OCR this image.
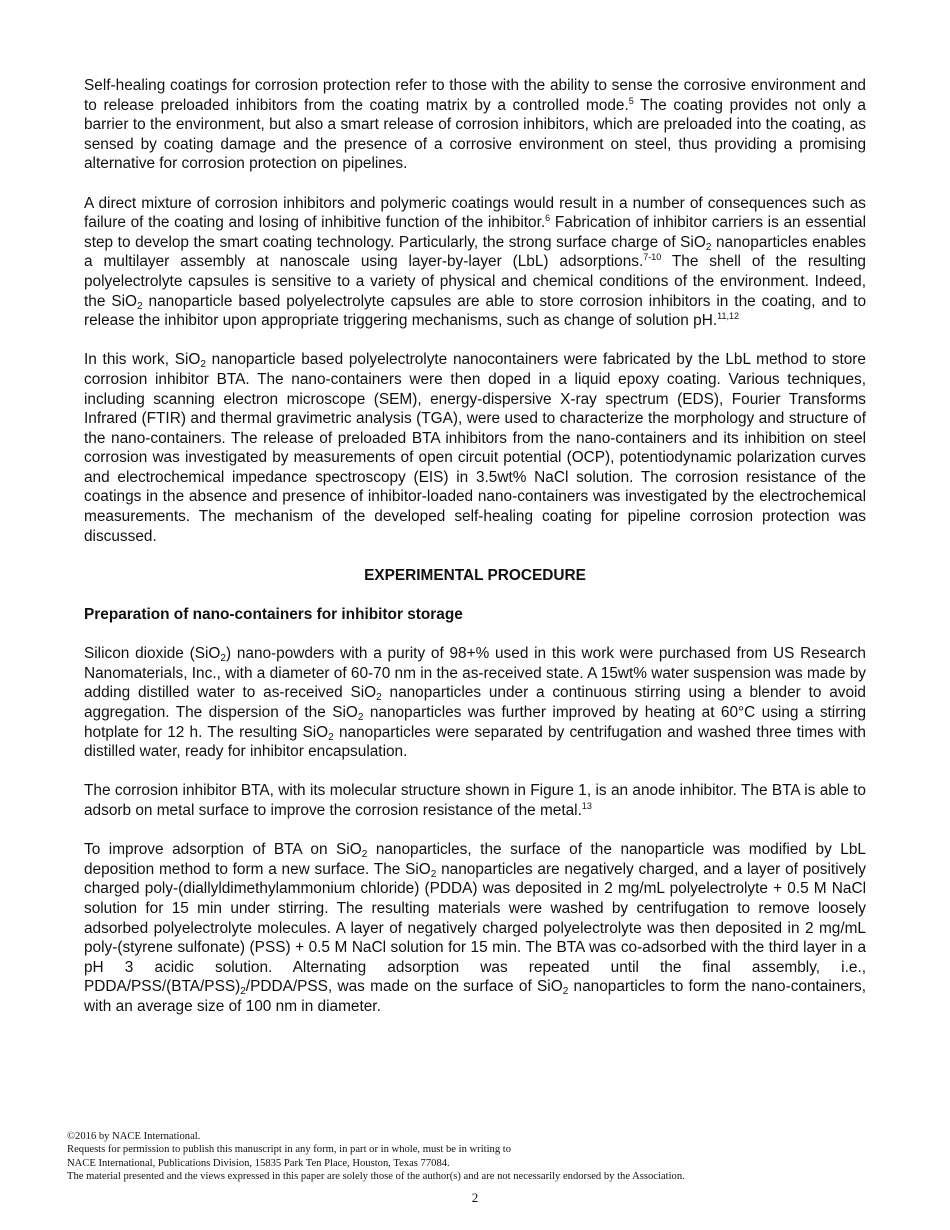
Self-healing coatings for corrosion protection refer to those with the ability to sense the corrosive environment and to release preloaded inhibitors from the coating matrix by a controlled mode.$^5$ The coating provides not only a barrier to the environment, but also a smart release of corrosion inhibitors, which are preloaded into the coating, as sensed by coating damage and the presence of a corrosive environment on steel, thus providing a promising alternative for corrosion protection on pipelines.

A direct mixture of corrosion inhibitors and polymeric coatings would result in a number of consequences such as failure of the coating and losing of inhibitive function of the inhibitor.$^6$ Fabrication of inhibitor carriers is an essential step to develop the smart coating technology. Particularly, the strong surface charge of SiO$_2$ nanoparticles enables a multilayer assembly at nanoscale using layer-by-layer (LbL) adsorptions.$^{7-10}$ The shell of the resulting polyelectrolyte capsules is sensitive to a variety of physical and chemical conditions of the environment. Indeed, the SiO$_2$ nanoparticle based polyelectrolyte capsules are able to store corrosion inhibitors in the coating, and to release the inhibitor upon appropriate triggering mechanisms, such as change of solution pH.$^{11,12}$

In this work, SiO$_2$ nanoparticle based polyelectrolyte nanocontainers were fabricated by the LbL method to store corrosion inhibitor BTA. The nano-containers were then doped in a liquid epoxy coating. Various techniques, including scanning electron microscope (SEM), energy-dispersive X-ray spectrum (EDS), Fourier Transforms Infrared (FTIR) and thermal gravimetric analysis (TGA), were used to characterize the morphology and structure of the nano-containers. The release of preloaded BTA inhibitors from the nano-containers and its inhibition on steel corrosion was investigated by measurements of open circuit potential (OCP), potentiodynamic polarization curves and electrochemical impedance spectroscopy (EIS) in 3.5wt% NaCl solution. The corrosion resistance of the coatings in the absence and presence of inhibitor-loaded nano-containers was investigated by the electrochemical measurements. The mechanism of the developed self-healing coating for pipeline corrosion protection was discussed.

EXPERIMENTAL PROCEDURE
Preparation of nano-containers for inhibitor storage

Silicon dioxide (SiO$_2$) nano-powders with a purity of 98+% used in this work were purchased from US Research Nanomaterials, Inc., with a diameter of 60-70 nm in the as-received state. A 15wt% water suspension was made by adding distilled water to as-received SiO$_2$ nanoparticles under a continuous stirring using a blender to avoid aggregation. The dispersion of the SiO$_2$ nanoparticles was further improved by heating at 60°C using a stirring hotplate for 12 h. The resulting SiO$_2$ nanoparticles were separated by centrifugation and washed three times with distilled water, ready for inhibitor encapsulation.

The corrosion inhibitor BTA, with its molecular structure shown in Figure 1, is an anode inhibitor. The BTA is able to adsorb on metal surface to improve the corrosion resistance of the metal.$^{13}$

To improve adsorption of BTA on SiO$_2$ nanoparticles, the surface of the nanoparticle was modified by LbL deposition method to form a new surface. The SiO$_2$ nanoparticles are negatively charged, and a layer of positively charged poly-(diallyldimethylammonium chloride) (PDDA) was deposited in 2 mg/mL polyelectrolyte + 0.5 M NaCl solution for 15 min under stirring. The resulting materials were washed by centrifugation to remove loosely adsorbed polyelectrolyte molecules. A layer of negatively charged polyelectrolyte was then deposited in 2 mg/mL poly-(styrene sulfonate) (PSS) + 0.5 M NaCl solution for 15 min. The BTA was co-adsorbed with the third layer in a pH 3 acidic solution. Alternating adsorption was repeated until the final assembly, i.e., PDDA/$PSS/(BTA/PSS)_2/PDDA$/PSS, was made on the surface of SiO$_2$ nanoparticles to form the nano-containers, with an average size of 100 nm in diameter.

©2016 by NACE International.
Requests for permission to publish this manuscript in any form, in part or in whole, must be in writing to
NACE International, Publications Division, 15835 Park Ten Place, Houston, Texas 77084.
The material presented and the views expressed in this paper are solely those of the author(s) and are not necessarily endorsed by the Association.
2
